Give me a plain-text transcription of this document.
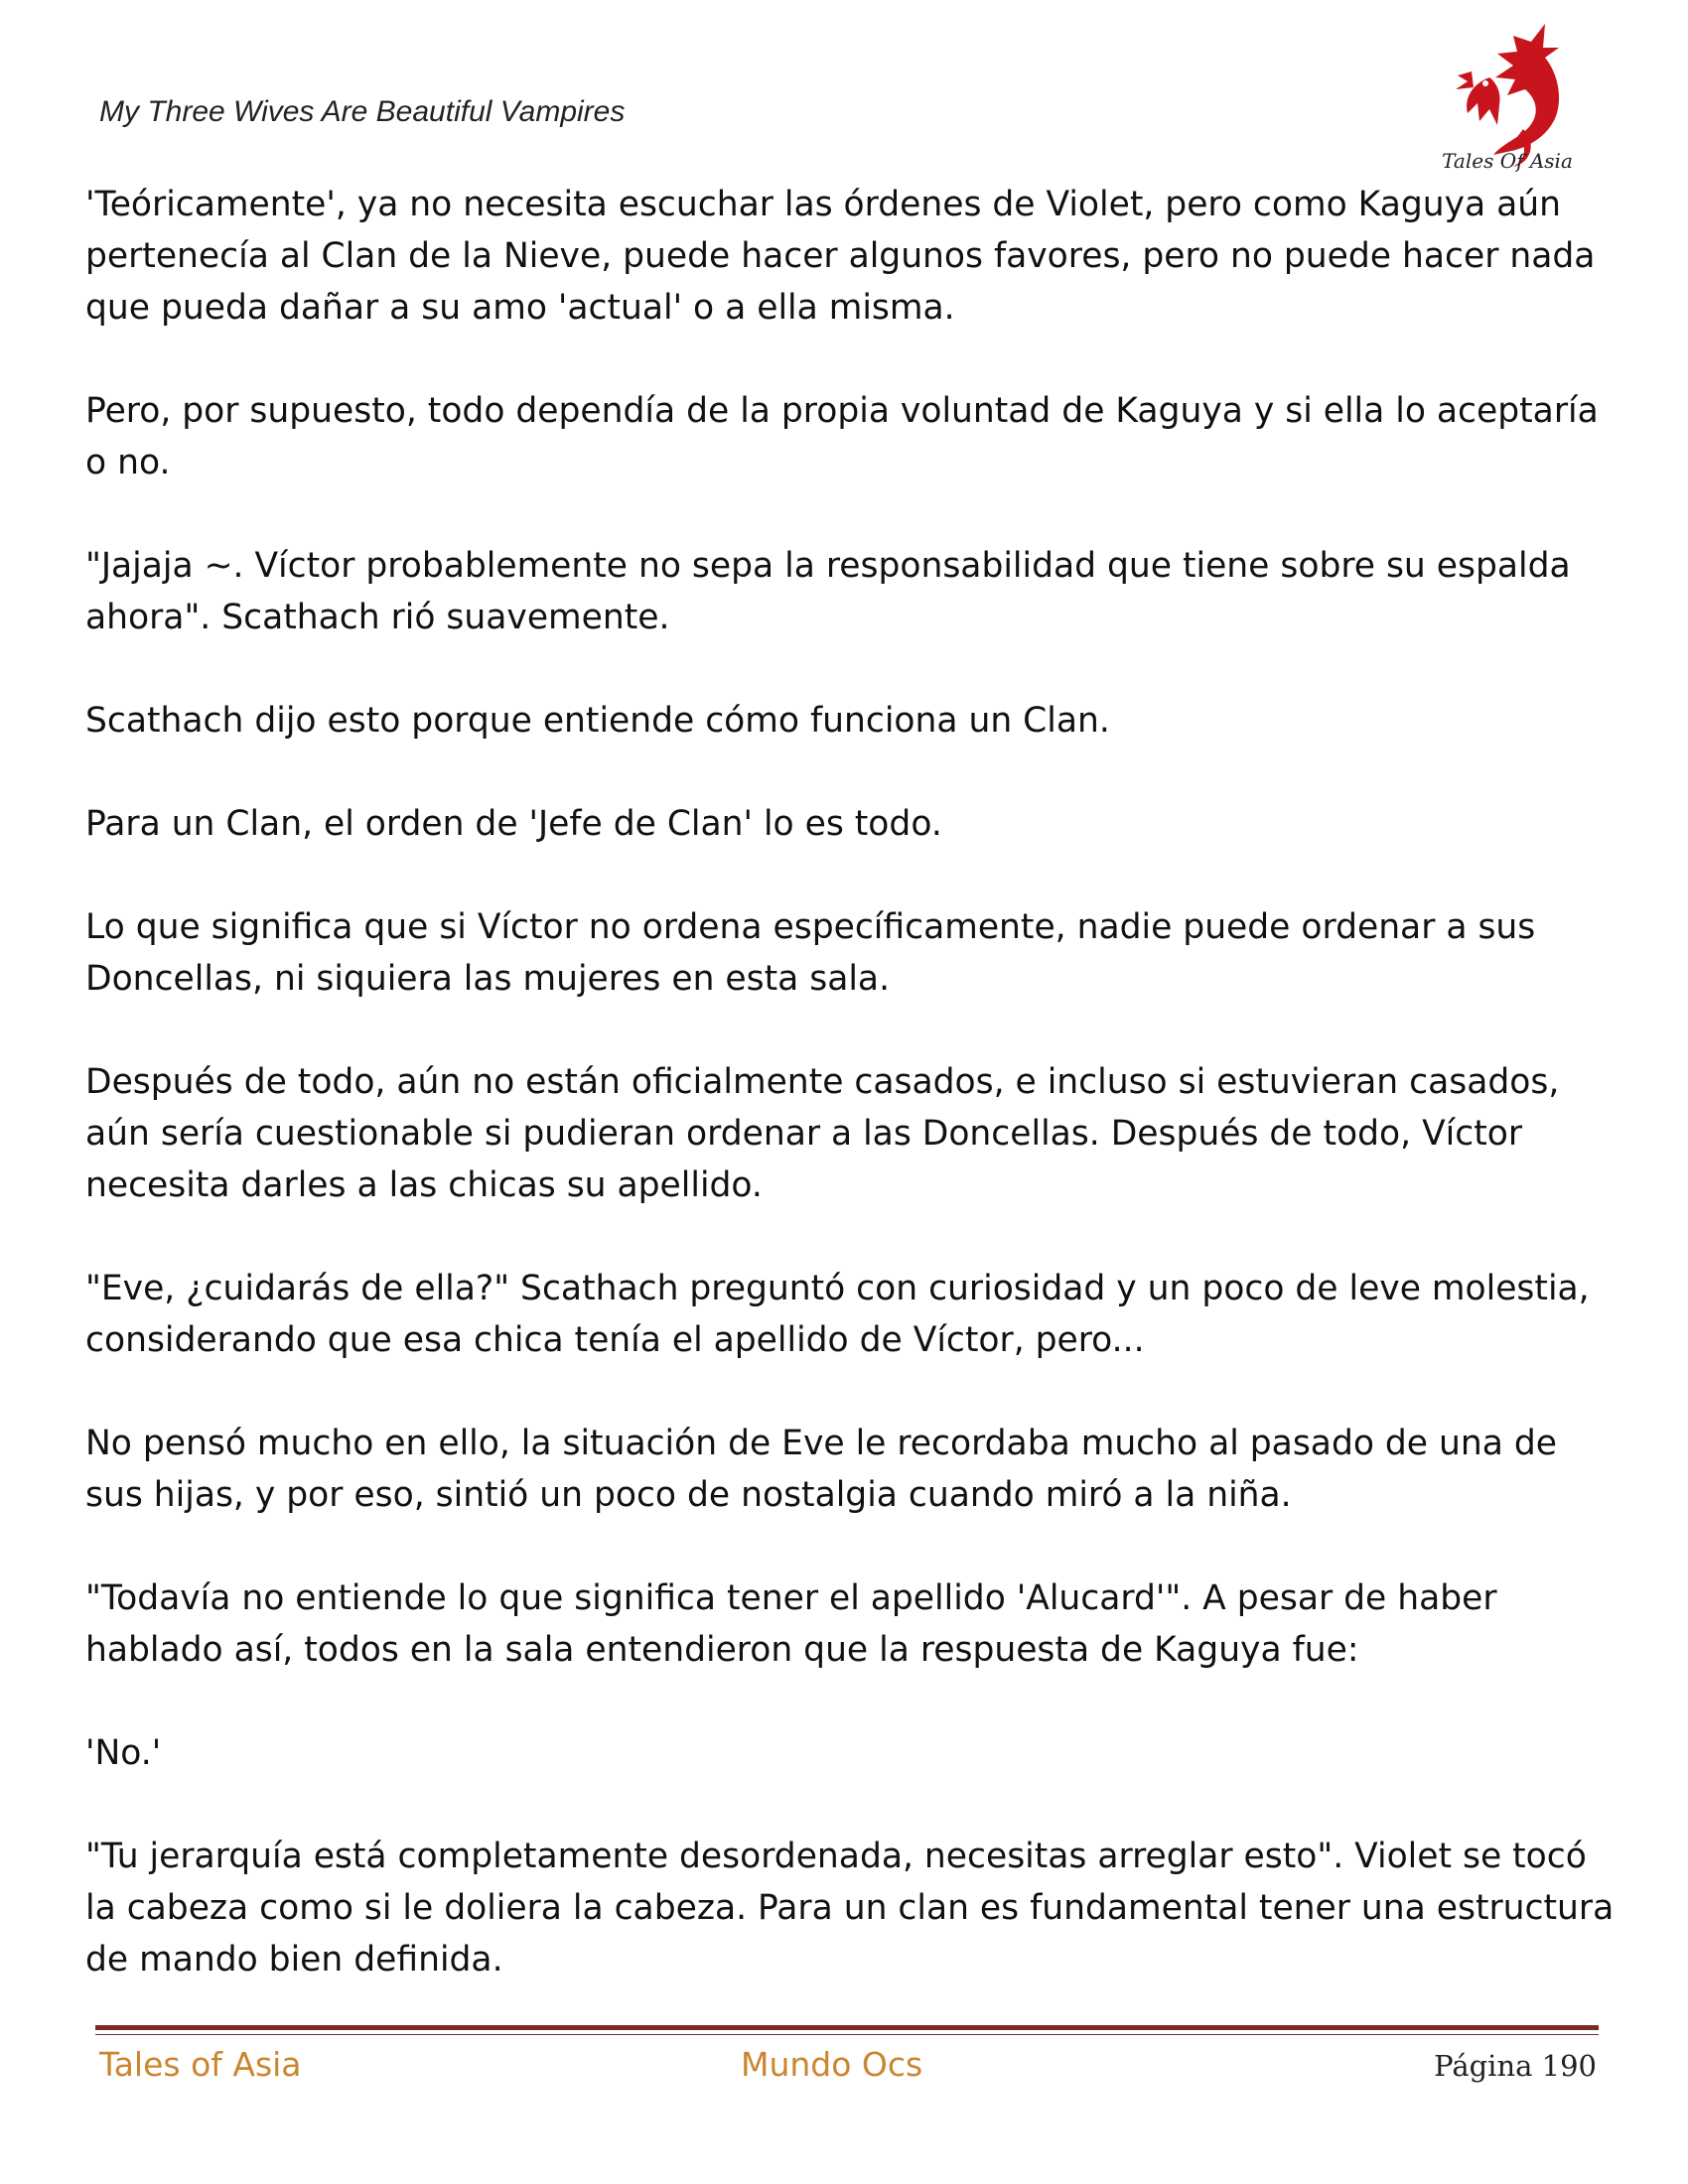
My Three Wives Are Beautiful Vampires
Tales Of Asia

'Teóricamente', ya no necesita escuchar las órdenes de Violet, pero como Kaguya aún pertenecía al Clan de la Nieve, puede hacer algunos favores, pero no puede hacer nada que pueda dañar a su amo 'actual' o a ella misma.

Pero, por supuesto, todo dependía de la propia voluntad de Kaguya y si ella lo aceptaría o no.

"Jajaja ~. Víctor probablemente no sepa la responsabilidad que tiene sobre su espalda ahora". Scathach rió suavemente.

Scathach dijo esto porque entiende cómo funciona un Clan.

Para un Clan, el orden de 'Jefe de Clan' lo es todo.

Lo que significa que si Víctor no ordena específicamente, nadie puede ordenar a sus Doncellas, ni siquiera las mujeres en esta sala.

Después de todo, aún no están oficialmente casados, e incluso si estuvieran casados, aún sería cuestionable si pudieran ordenar a las Doncellas. Después de todo, Víctor necesita darles a las chicas su apellido.

"Eve, ¿cuidarás de ella?" Scathach preguntó con curiosidad y un poco de leve molestia, considerando que esa chica tenía el apellido de Víctor, pero...

No pensó mucho en ello, la situación de Eve le recordaba mucho al pasado de una de sus hijas, y por eso, sintió un poco de nostalgia cuando miró a la niña.

"Todavía no entiende lo que significa tener el apellido 'Alucard'". A pesar de haber hablado así, todos en la sala entendieron que la respuesta de Kaguya fue:

'No.'

"Tu jerarquía está completamente desordenada, necesitas arreglar esto". Violet se tocó la cabeza como si le doliera la cabeza. Para un clan es fundamental tener una estructura de mando bien definida.

Tales of Asia	Mundo Ocs	Página 190
